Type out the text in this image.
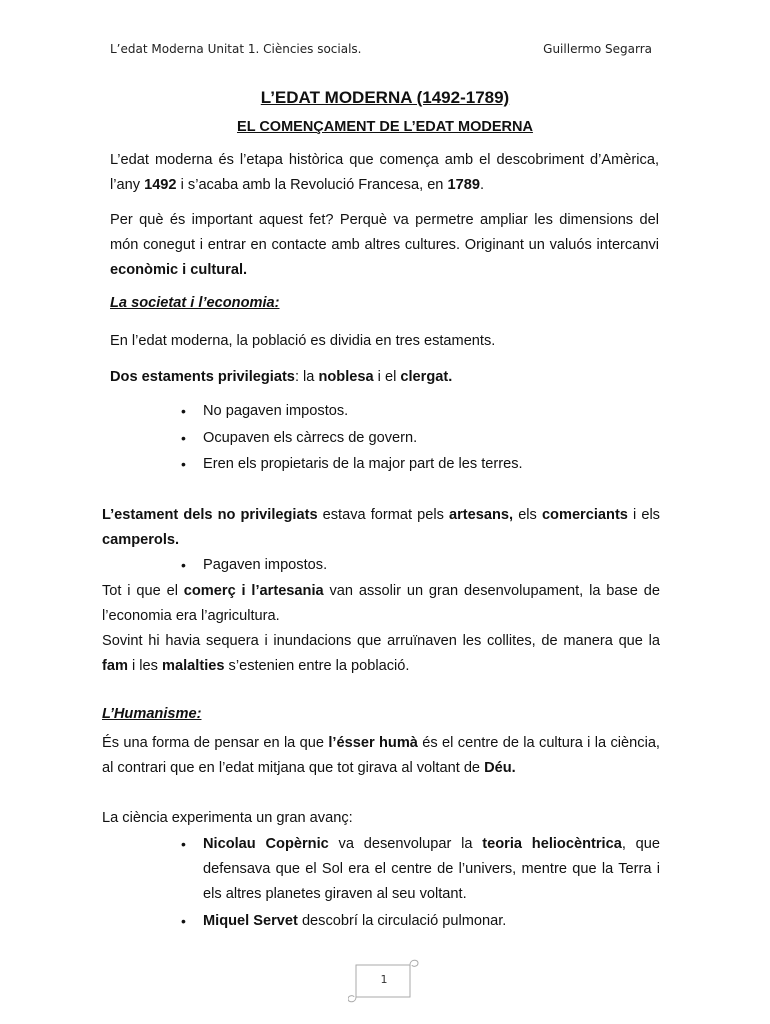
L’edat Moderna Unitat 1. Ciències socials.	Guillermo Segarra
L’EDAT MODERNA (1492-1789)
EL COMENÇAMENT DE L’EDAT MODERNA

L’edat moderna és l’etapa històrica que comença amb el descobriment d’Amèrica, l’any 1492 i s’acaba amb la Revolució Francesa, en 1789.

Per què és important aquest fet? Perquè va permetre ampliar les dimensions del món conegut i entrar en contacte amb altres cultures. Originant un valuós intercanvi econòmic i cultural.

La societat i l’economia:

En l’edat moderna, la població es dividia en tres estaments.

Dos estaments privilegiats: la noblesa i el clergat.

• No pagaven impostos.
• Ocupaven els càrrecs de govern.
• Eren els propietaris de la major part de les terres.

L’estament dels no privilegiats estava format pels artesans, els comerciants i els camperols.

• Pagaven impostos.

Tot i que el comerç i l’artesania van assolir un gran desenvolupament, la base de l’economia era l’agricultura.

Sovint hi havia sequera i inundacions que arruïnaven les collites, de manera que la fam i les malalties s’estenien entre la població.

L’Humanisme:

És una forma de pensar en la que l’ésser humà és el centre de la cultura i la ciència, al contrari que en l’edat mitjana que tot girava al voltant de Déu.

La ciència experimenta un gran avanç:

• Nicolau Copèrnic va desenvolupar la teoria heliocèntrica, que defensava que el Sol era el centre de l’univers, mentre que la Terra i els altres planetes giraven al seu voltant.
• Miquel Servet descobrí la circulació pulmonar.
1
